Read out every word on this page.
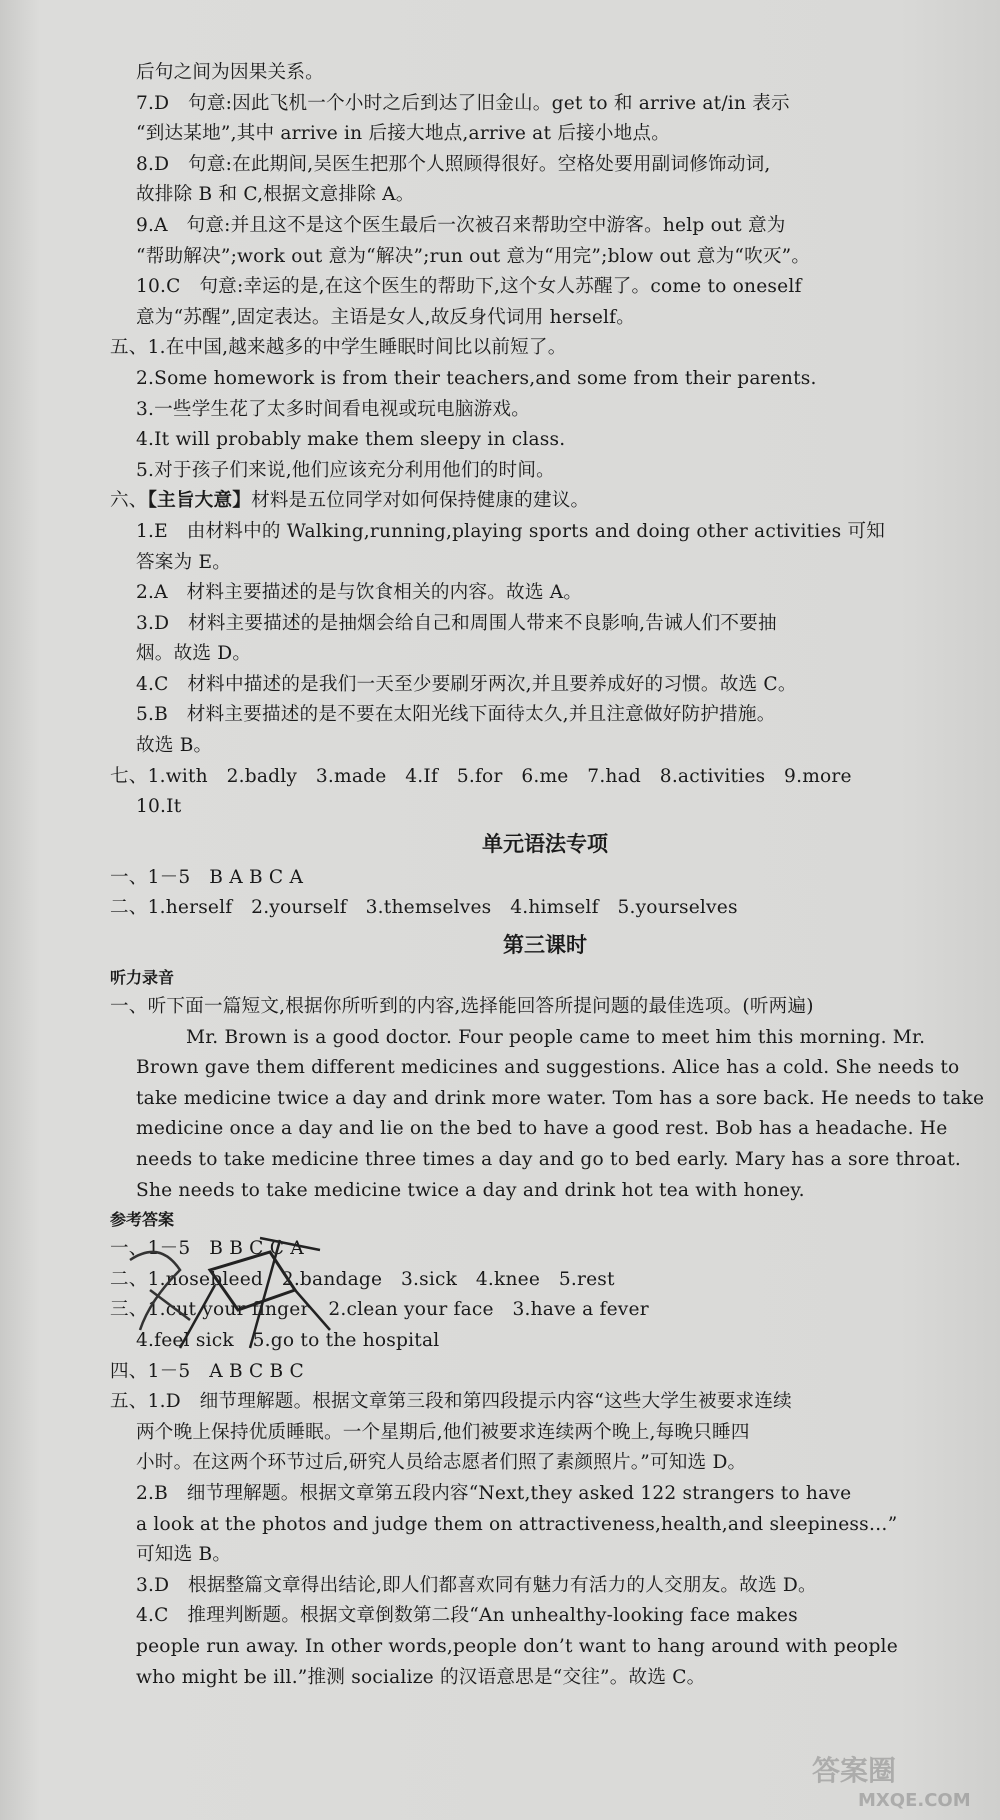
后句之间为因果关系。
7.D　句意:因此飞机一个小时之后到达了旧金山。get to 和 arrive at/in 表示
“到达某地”,其中 arrive in 后接大地点,arrive at 后接小地点。
8.D　句意:在此期间,吴医生把那个人照顾得很好。空格处要用副词修饰动词,
故排除 B 和 C,根据文意排除 A。
9.A　句意:并且这不是这个医生最后一次被召来帮助空中游客。help out 意为
“帮助解决”;work out 意为“解决”;run out 意为“用完”;blow out 意为“吹灭”。
10.C　句意:幸运的是,在这个医生的帮助下,这个女人苏醒了。come to oneself
意为“苏醒”,固定表达。主语是女人,故反身代词用 herself。
五、1.在中国,越来越多的中学生睡眠时间比以前短了。
2.Some homework is from their teachers,and some from their parents.
3.一些学生花了太多时间看电视或玩电脑游戏。
4.It will probably make them sleepy in class.
5.对于孩子们来说,他们应该充分利用他们的时间。
六、【主旨大意】材料是五位同学对如何保持健康的建议。
1.E　由材料中的 Walking,running,playing sports and doing other activities 可知
答案为 E。
2.A　材料主要描述的是与饮食相关的内容。故选 A。
3.D　材料主要描述的是抽烟会给自己和周围人带来不良影响,告诫人们不要抽
烟。故选 D。
4.C　材料中描述的是我们一天至少要刷牙两次,并且要养成好的习惯。故选 C。
5.B　材料主要描述的是不要在太阳光线下面待太久,并且注意做好防护措施。
故选 B。
七、1.with　2.badly　3.made　4.If　5.for　6.me　7.had　8.activities　9.more
10.It
单元语法专项
一、1－5　B A B C A
二、1.herself　2.yourself　3.themselves　4.himself　5.yourselves
第三课时
听力录音
一、听下面一篇短文,根据你所听到的内容,选择能回答所提问题的最佳选项。(听两遍)
Mr. Brown is a good doctor. Four people came to meet him this morning. Mr.
Brown gave them different medicines and suggestions. Alice has a cold. She needs to
take medicine twice a day and drink more water. Tom has a sore back. He needs to take
medicine once a day and lie on the bed to have a good rest. Bob has a headache. He
needs to take medicine three times a day and go to bed early. Mary has a sore throat.
She needs to take medicine twice a day and drink hot tea with honey.
参考答案
一、1－5　B B C C A
二、1.nosebleed　2.bandage　3.sick　4.knee　5.rest
三、1.cut your finger　2.clean your face　3.have a fever
4.feel sick　5.go to the hospital
四、1－5　A B C B C
五、1.D　细节理解题。根据文章第三段和第四段提示内容“这些大学生被要求连续
两个晚上保持优质睡眠。一个星期后,他们被要求连续两个晚上,每晚只睡四
小时。在这两个环节过后,研究人员给志愿者们照了素颜照片。”可知选 D。
2.B　细节理解题。根据文章第五段内容“Next,they asked 122 strangers to have
a look at the photos and judge them on attractiveness,health,and sleepiness…”
可知选 B。
3.D　根据整篇文章得出结论,即人们都喜欢同有魅力有活力的人交朋友。故选 D。
4.C　推理判断题。根据文章倒数第二段“An unhealthy-looking face makes
people run away. In other words,people don’t want to hang around with people
who might be ill.”推测 socialize 的汉语意思是“交往”。故选 C。
答案圈
MXQE.COM
